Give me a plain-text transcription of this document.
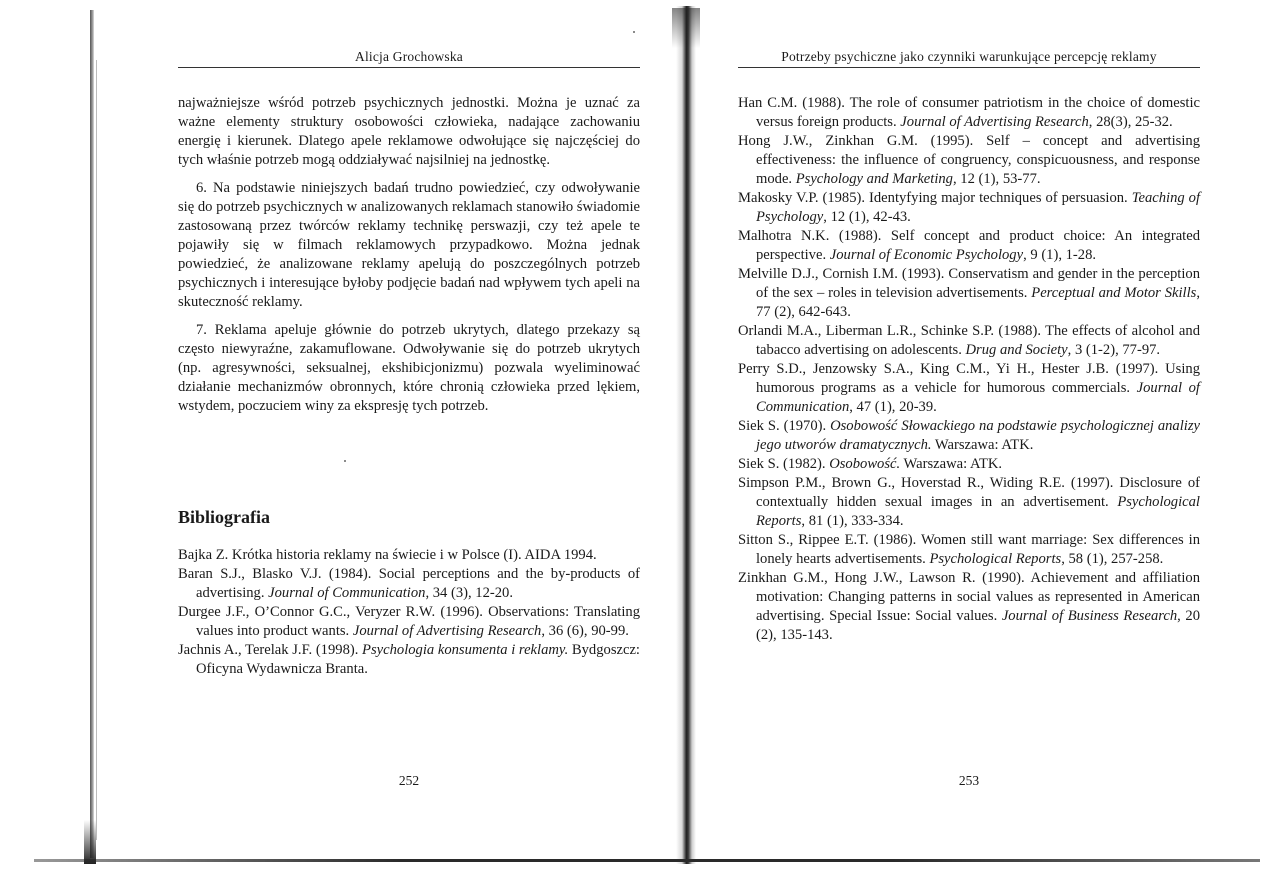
Alicja Grochowska

najważniejsze wśród potrzeb psychicznych jednostki. Można je uznać za ważne elementy struktury osobowości człowieka, nadające zachowaniu energię i kierunek. Dlatego apele reklamowe odwołujące się najczęściej do tych właśnie potrzeb mogą oddziaływać najsilniej na jednostkę.

6. Na podstawie niniejszych badań trudno powiedzieć, czy odwoływanie się do potrzeb psychicznych w analizowanych reklamach stanowiło świadomie zastosowaną przez twórców reklamy technikę perswazji, czy też apele te pojawiły się w filmach reklamowych przypadkowo. Można jednak powiedzieć, że analizowane reklamy apelują do poszczególnych potrzeb psychicznych i interesujące byłoby podjęcie badań nad wpływem tych apeli na skuteczność reklamy.

7. Reklama apeluje głównie do potrzeb ukrytych, dlatego przekazy są często niewyraźne, zakamuflowane. Odwoływanie się do potrzeb ukrytych (np. agresywności, seksualnej, ekshibicjonizmu) pozwala wyeliminować działanie mechanizmów obronnych, które chronią człowieka przed lękiem, wstydem, poczuciem winy za ekspresję tych potrzeb.

Bibliografia
Bajka Z. Krótka historia reklamy na świecie i w Polsce (I). AIDA 1994.
Baran S.J., Blasko V.J. (1984). Social perceptions and the by-products of advertising. Journal of Communication, 34 (3), 12-20.
Durgee J.F., O’Connor G.C., Veryzer R.W. (1996). Observations: Translating values into product wants. Journal of Advertising Research, 36 (6), 90-99.
Jachnis A., Terelak J.F. (1998). Psychologia konsumenta i reklamy. Bydgoszcz: Oficyna Wydawnicza Branta.
252
Potrzeby psychiczne jako czynniki warunkujące percepcję reklamy
Han C.M. (1988). The role of consumer patriotism in the choice of domestic versus foreign products. Journal of Advertising Research, 28(3), 25-32.
Hong J.W., Zinkhan G.M. (1995). Self – concept and advertising effectiveness: the influence of congruency, conspicuousness, and response mode. Psychology and Marketing, 12 (1), 53-77.
Makosky V.P. (1985). Identyfying major techniques of persuasion. Teaching of Psychology, 12 (1), 42-43.
Malhotra N.K. (1988). Self concept and product choice: An integrated perspective. Journal of Economic Psychology, 9 (1), 1-28.
Melville D.J., Cornish I.M. (1993). Conservatism and gender in the perception of the sex – roles in television advertisements. Perceptual and Motor Skills, 77 (2), 642-643.
Orlandi M.A., Liberman L.R., Schinke S.P. (1988). The effects of alcohol and tabacco advertising on adolescents. Drug and Society, 3 (1-2), 77-97.
Perry S.D., Jenzowsky S.A., King C.M., Yi H., Hester J.B. (1997). Using humorous programs as a vehicle for humorous commercials. Journal of Communication, 47 (1), 20-39.
Siek S. (1970). Osobowość Słowackiego na podstawie psychologicznej analizy jego utworów dramatycznych. Warszawa: ATK.
Siek S. (1982). Osobowość. Warszawa: ATK.
Simpson P.M., Brown G., Hoverstad R., Widing R.E. (1997). Disclosure of contextually hidden sexual images in an advertisement. Psychological Reports, 81 (1), 333-334.
Sitton S., Rippee E.T. (1986). Women still want marriage: Sex differences in lonely hearts advertisements. Psychological Reports, 58 (1), 257-258.
Zinkhan G.M., Hong J.W., Lawson R. (1990). Achievement and affiliation motivation: Changing patterns in social values as represented in American advertising. Special Issue: Social values. Journal of Business Research, 20 (2), 135-143.
253
